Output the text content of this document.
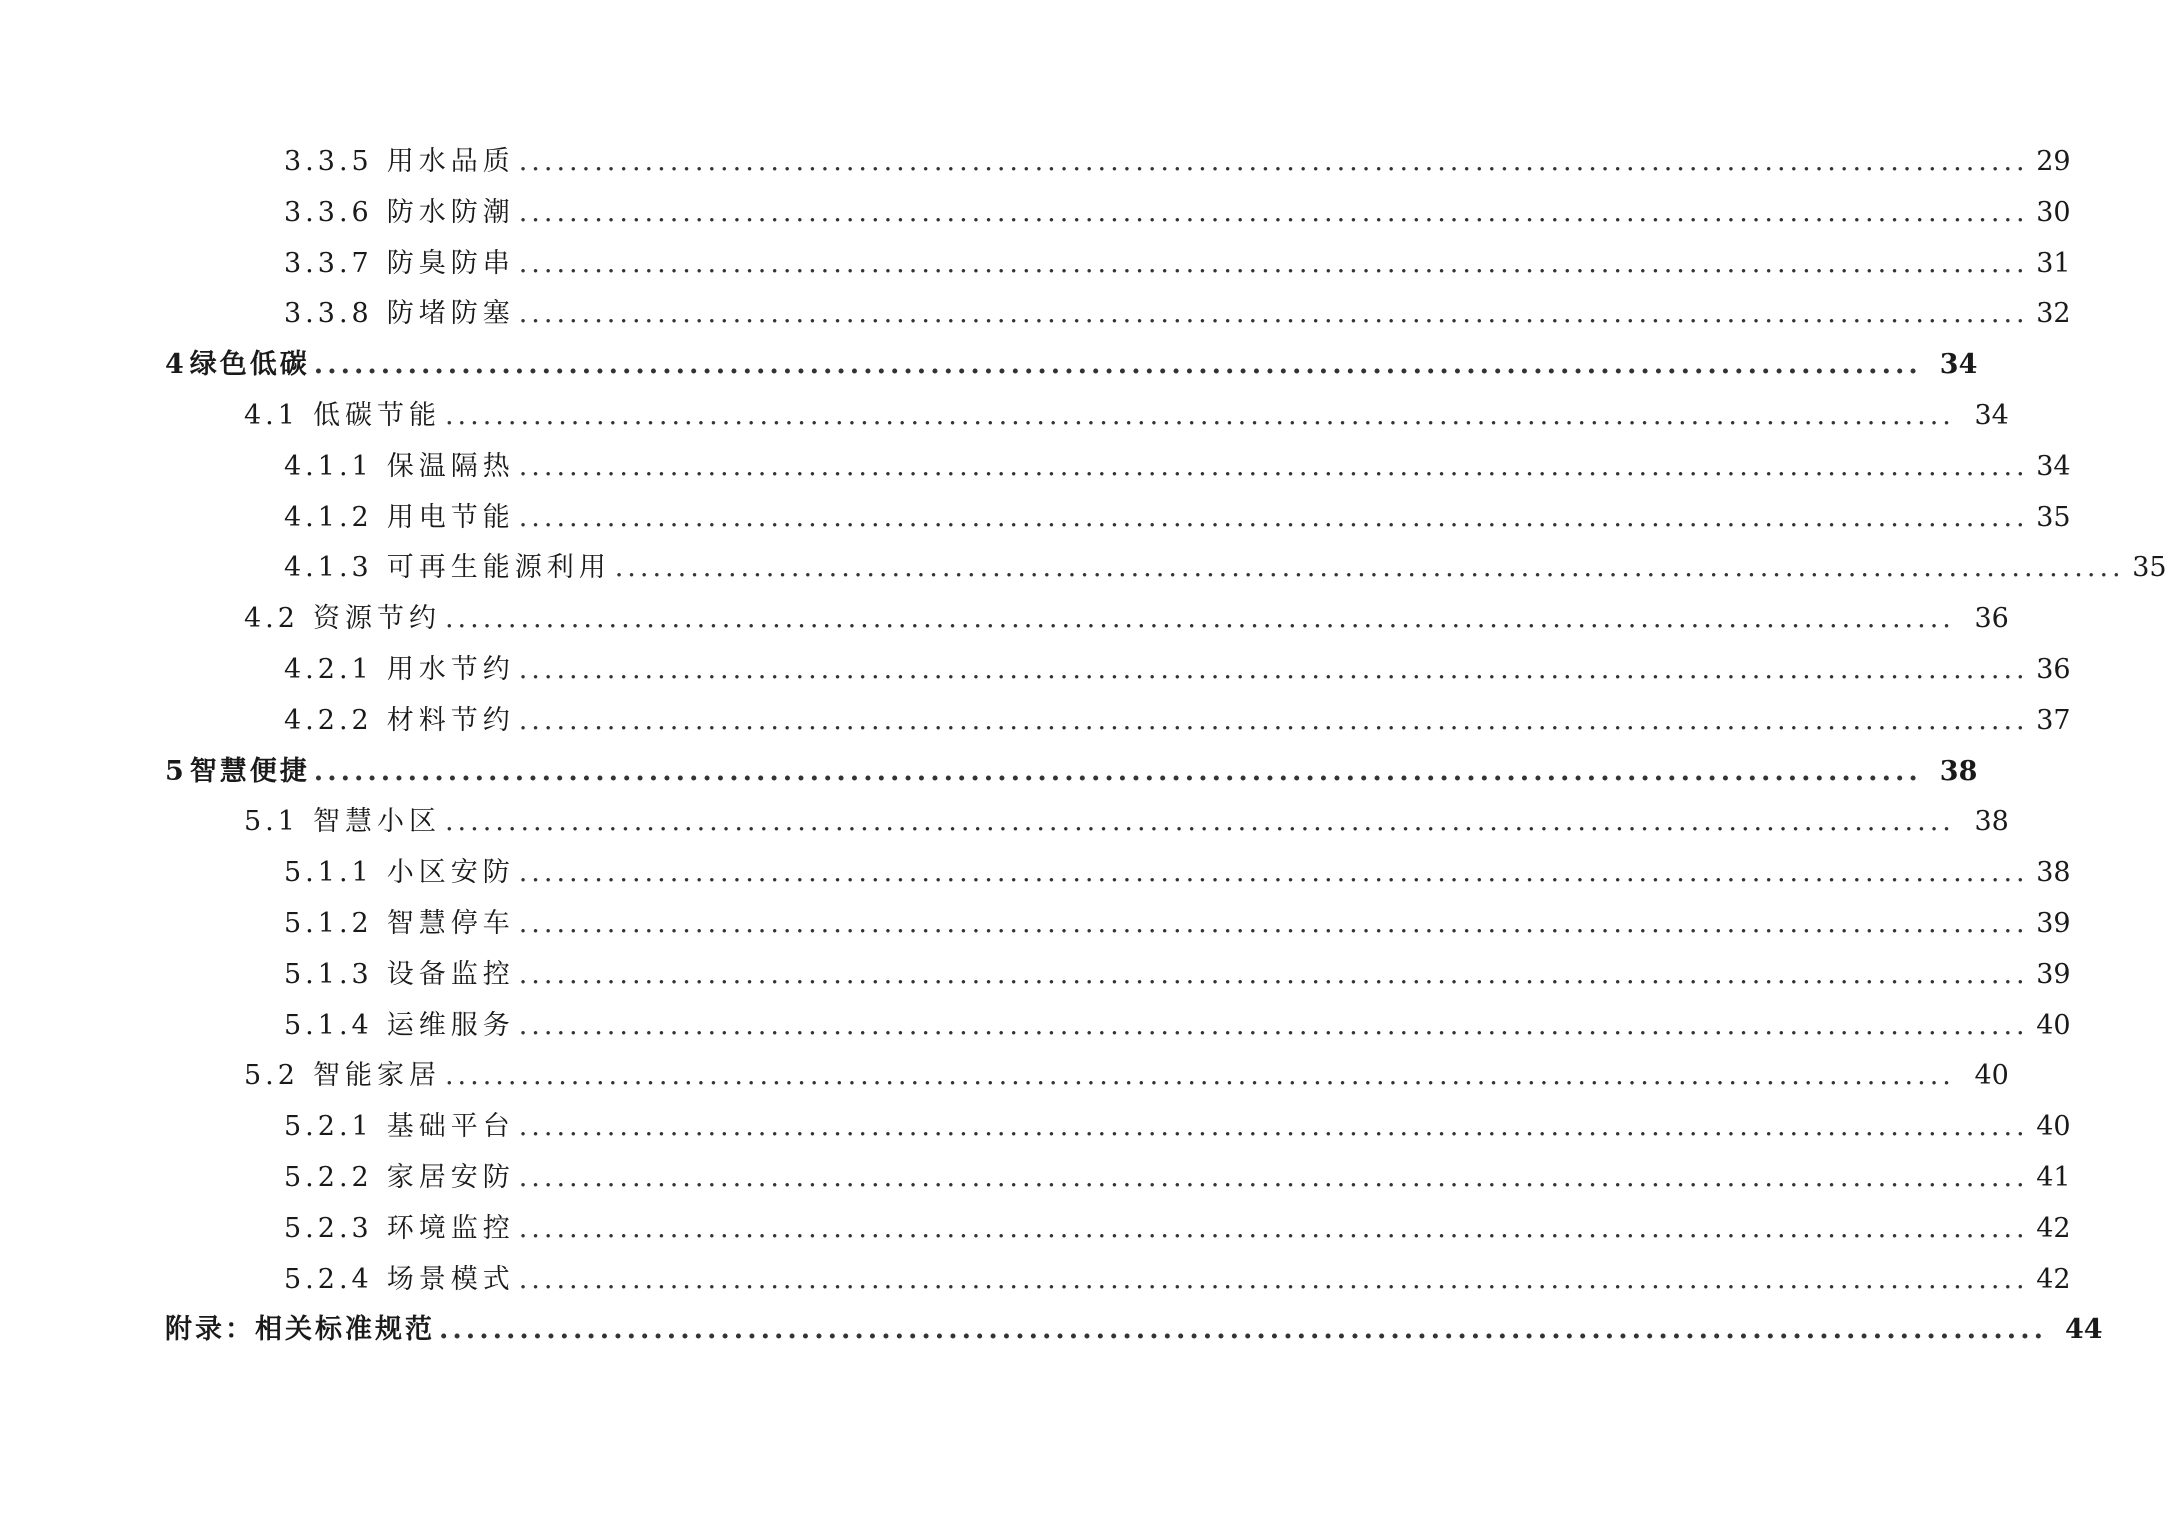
3.3.5 用水品质 ........................................................................................................................ 29
3.3.6 防水防潮 ........................................................................................................................ 30
3.3.7 防臭防串 ........................................................................................................................ 31
3.3.8 防堵防塞 ........................................................................................................................ 32
4 绿色低碳 ........................................................................................................................ 34
4.1 低碳节能 ........................................................................................................................ 34
4.1.1 保温隔热 ........................................................................................................................ 34
4.1.2 用电节能 ........................................................................................................................ 35
4.1.3 可再生能源利用 ........................................................................................................................ 35
4.2 资源节约 ........................................................................................................................ 36
4.2.1 用水节约 ........................................................................................................................ 36
4.2.2 材料节约 ........................................................................................................................ 37
5 智慧便捷 ........................................................................................................................ 38
5.1 智慧小区 ........................................................................................................................ 38
5.1.1 小区安防 ........................................................................................................................ 38
5.1.2 智慧停车 ........................................................................................................................ 39
5.1.3 设备监控 ........................................................................................................................ 39
5.1.4 运维服务 ........................................................................................................................ 40
5.2 智能家居 ........................................................................................................................ 40
5.2.1 基础平台 ........................................................................................................................ 40
5.2.2 家居安防 ........................................................................................................................ 41
5.2.3 环境监控 ........................................................................................................................ 42
5.2.4 场景模式 ........................................................................................................................ 42
附录：相关标准规范 ........................................................................................................................ 44
